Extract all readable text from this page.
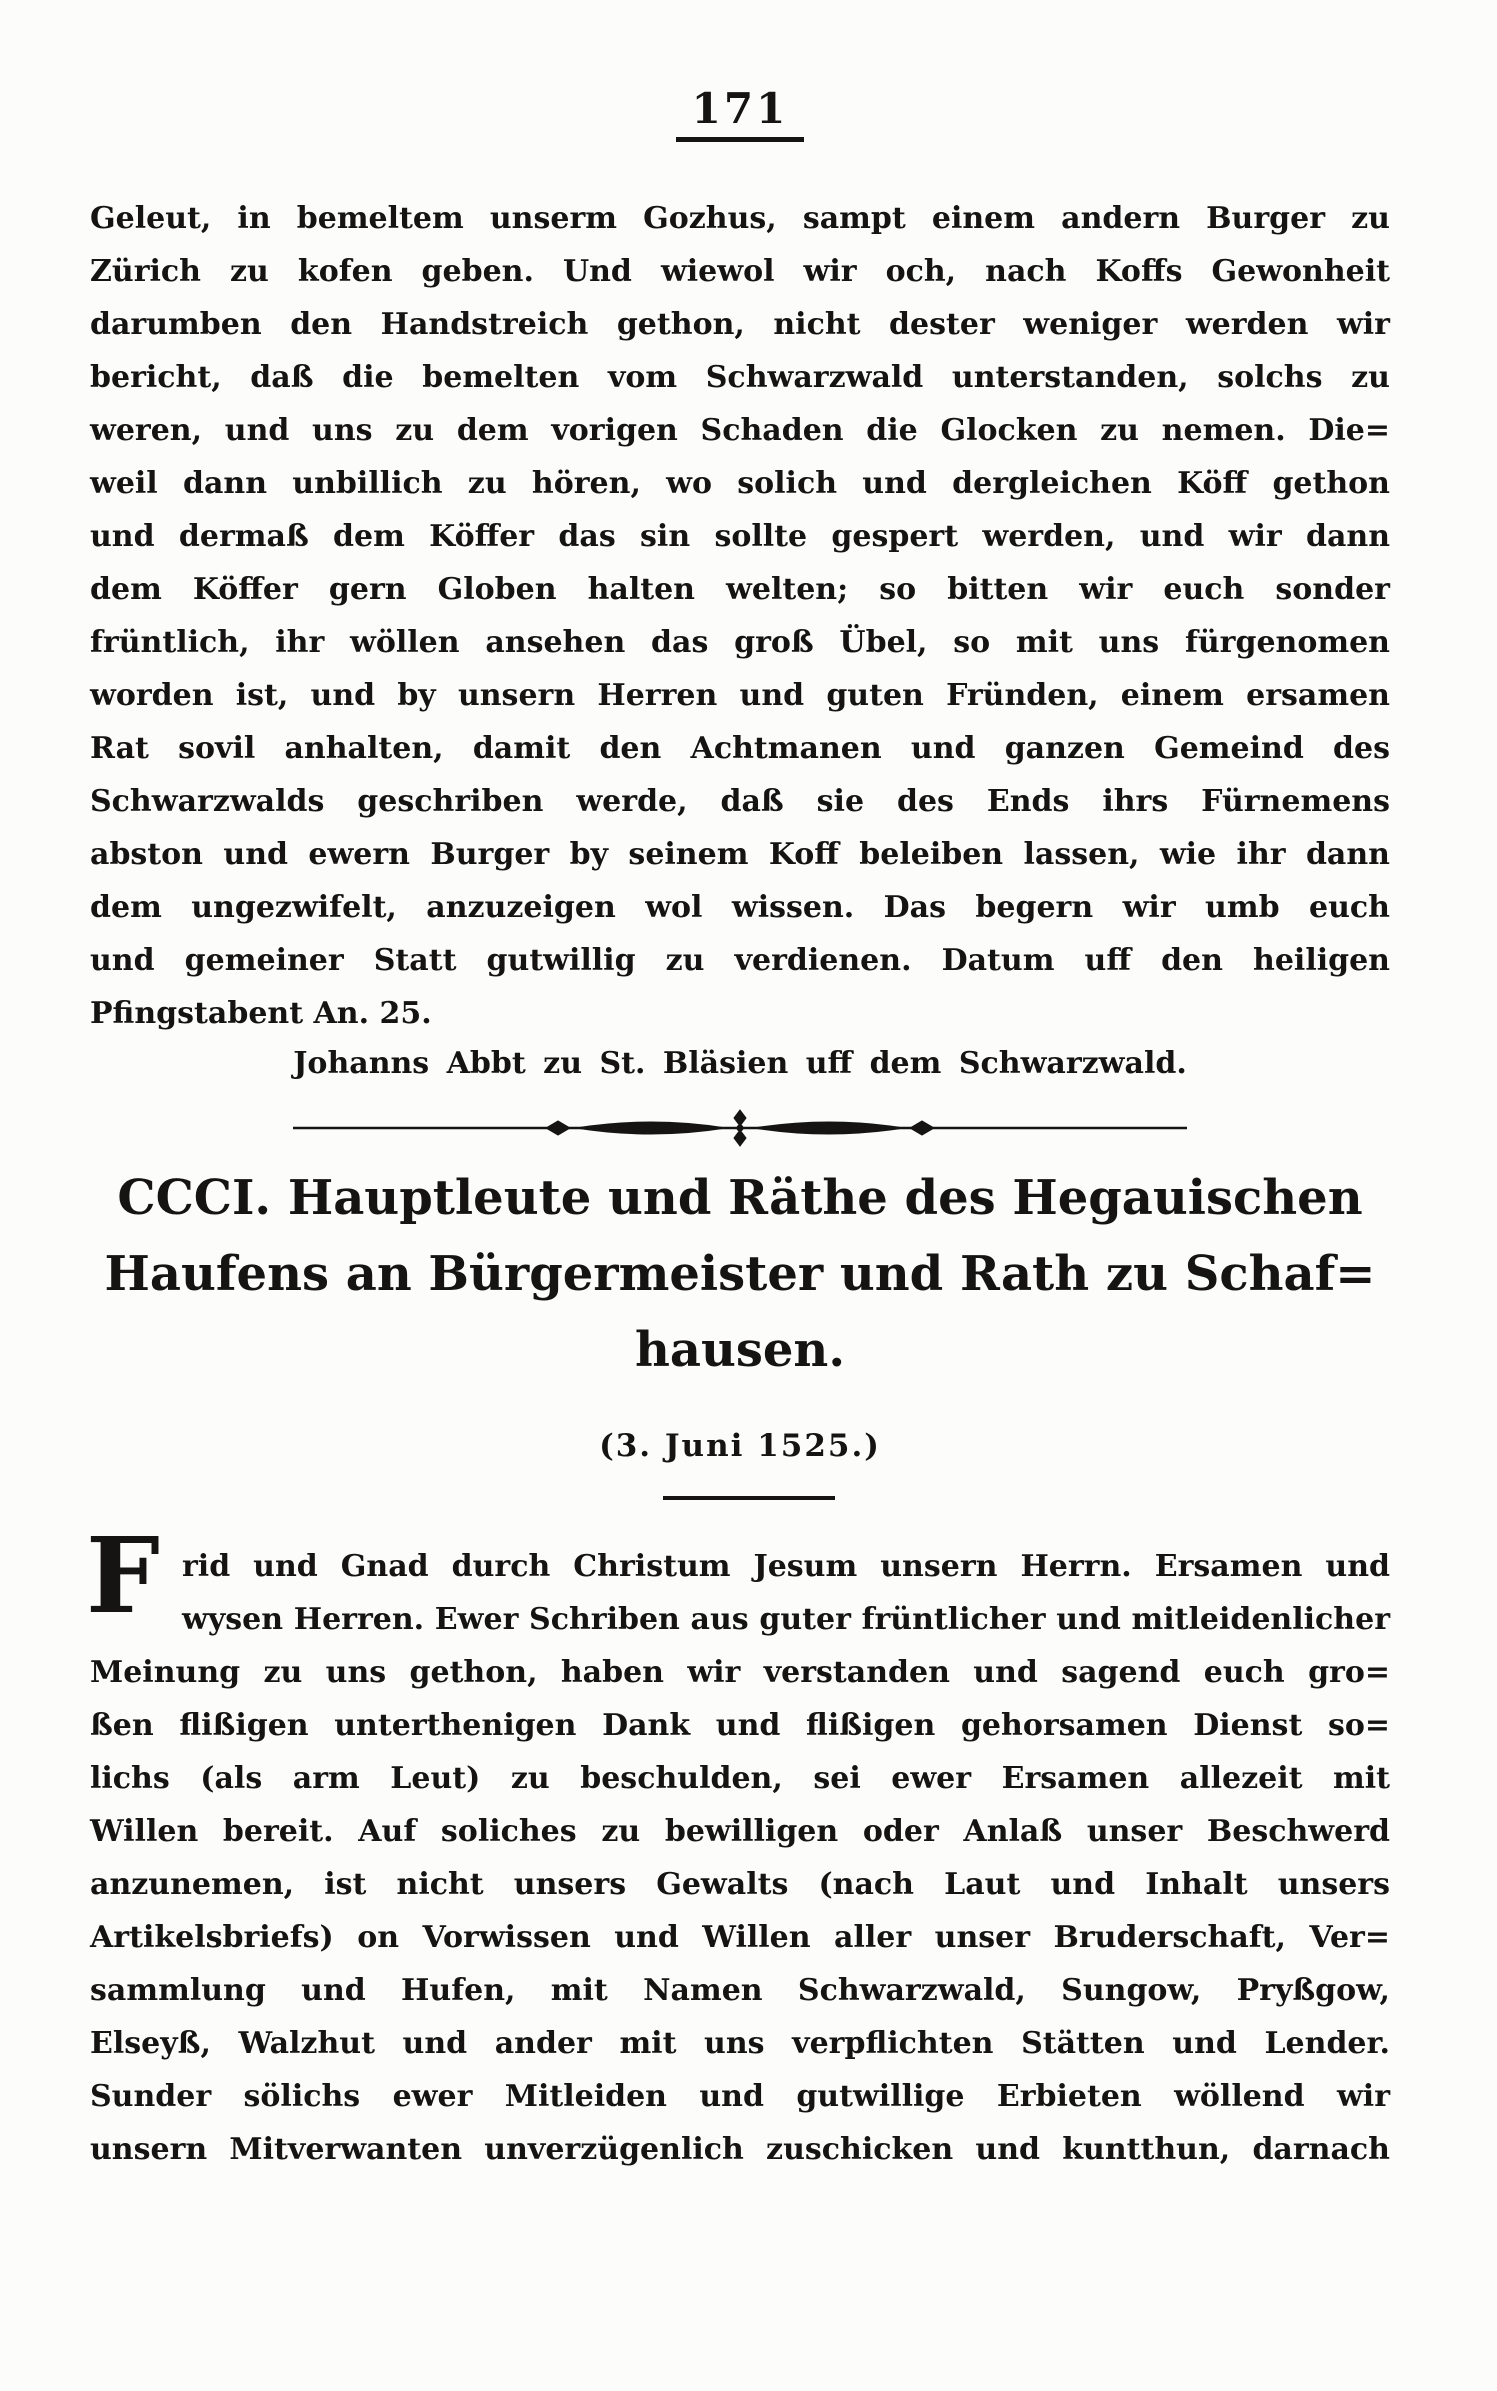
171
Geleut, in bemeltem unserm Gozhus, sampt einem andern Burger zu
Zürich zu kofen geben. Und wiewol wir och, nach Koffs Gewonheit
darumben den Handstreich gethon, nicht dester weniger werden wir
bericht, daß die bemelten vom Schwarzwald unterstanden, solchs zu
weren, und uns zu dem vorigen Schaden die Glocken zu nemen. Die=
weil dann unbillich zu hören, wo solich und dergleichen Köff gethon
und dermaß dem Köffer das sin sollte gespert werden, und wir dann
dem Köffer gern Globen halten welten; so bitten wir euch sonder
früntlich, ihr wöllen ansehen das groß Übel, so mit uns fürgenomen
worden ist, und by unsern Herren und guten Fründen, einem ersamen
Rat sovil anhalten, damit den Achtmanen und ganzen Gemeind des
Schwarzwalds geschriben werde, daß sie des Ends ihrs Fürnemens
abston und ewern Burger by seinem Koff beleiben lassen, wie ihr dann
dem ungezwifelt, anzuzeigen wol wissen. Das begern wir umb euch
und gemeiner Statt gutwillig zu verdienen. Datum uff den heiligen
Pfingstabent An. 25.
Johanns Abbt zu St. Bläsien uff dem Schwarzwald.
CCCI. Hauptleute und Räthe des Hegauischen
Haufens an Bürgermeister und Rath zu Schaf=
hausen.
(3. Juni 1525.)
F rid und Gnad durch Christum Jesum unsern Herrn. Ersamen und
wysen Herren. Ewer Schriben aus guter früntlicher und mitleidenlicher
Meinung zu uns gethon, haben wir verstanden und sagend euch gro=
ßen flißigen unterthenigen Dank und flißigen gehorsamen Dienst so=
lichs (als arm Leut) zu beschulden, sei ewer Ersamen allezeit mit
Willen bereit. Auf soliches zu bewilligen oder Anlaß unser Beschwerd
anzunemen, ist nicht unsers Gewalts (nach Laut und Inhalt unsers
Artikelsbriefs) on Vorwissen und Willen aller unser Bruderschaft, Ver=
sammlung und Hufen, mit Namen Schwarzwald, Sungow, Pryßgow,
Elseyß, Walzhut und ander mit uns verpflichten Stätten und Lender.
Sunder sölichs ewer Mitleiden und gutwillige Erbieten wöllend wir
unsern Mitverwanten unverzügenlich zuschicken und kuntthun, darnach
